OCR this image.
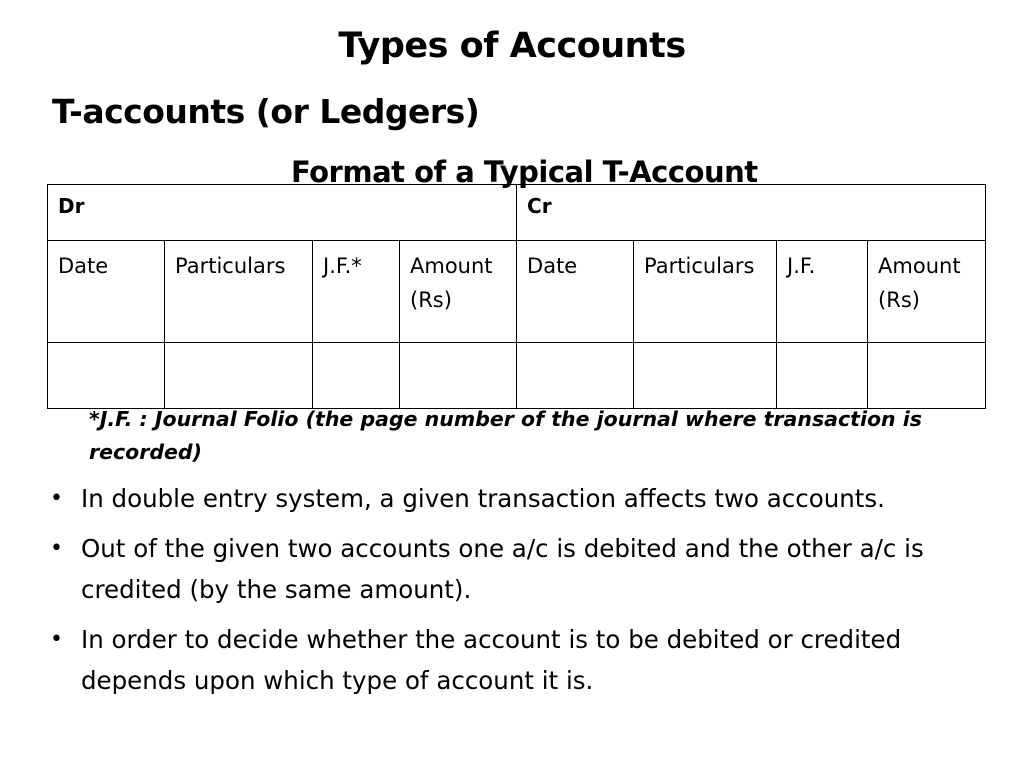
Types of Accounts
T-accounts (or Ledgers)
Format of a Typical T-Account
Dr				Cr			
Date	Particulars	J.F.*	Amount (Rs)	Date	Particulars	J.F.	Amount (Rs)

*J.F. : Journal Folio (the page number of the journal where transaction is recorded)
• In double entry system, a given transaction affects two accounts.
• Out of the given two accounts one a/c is debited and the other a/c is credited (by the same amount).
• In order to decide whether the account is to be debited or credited depends upon which type of account it is.
